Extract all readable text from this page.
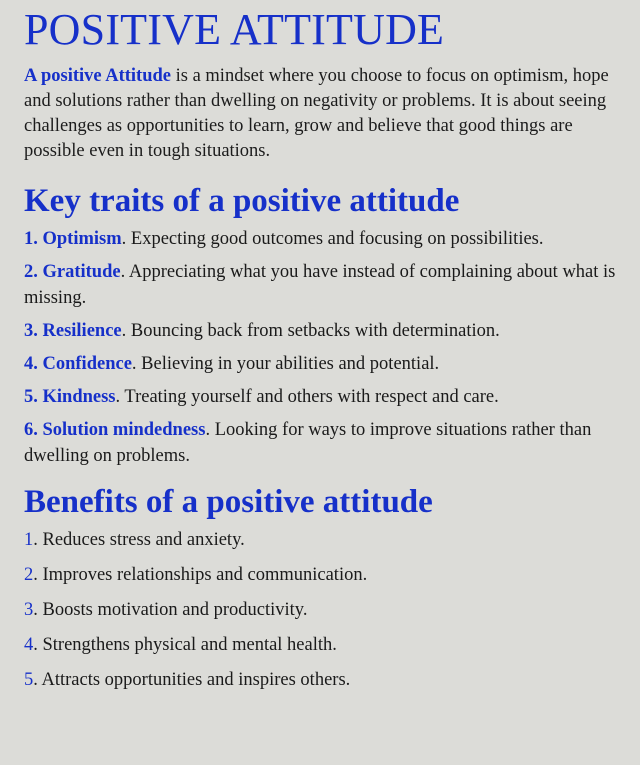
POSITIVE ATTITUDE

A positive Attitude is a mindset where you choose to focus on optimism, hope and solutions rather than dwelling on negativity or problems. It is about seeing challenges as opportunities to learn, grow and believe that good things are possible even in tough situations.

Key traits of a positive attitude
1. Optimism. Expecting good outcomes and focusing on possibilities.
2. Gratitude. Appreciating what you have instead of complaining about what is missing.
3. Resilience. Bouncing back from setbacks with determination.
4. Confidence. Believing in your abilities and potential.
5. Kindness. Treating yourself and others with respect and care.
6. Solution mindedness. Looking for ways to improve situations rather than dwelling on problems.
Benefits of a positive attitude
1. Reduces stress and anxiety.
2. Improves relationships and communication.
3. Boosts motivation and productivity.
4. Strengthens physical and mental health.
5. Attracts opportunities and inspires others.
